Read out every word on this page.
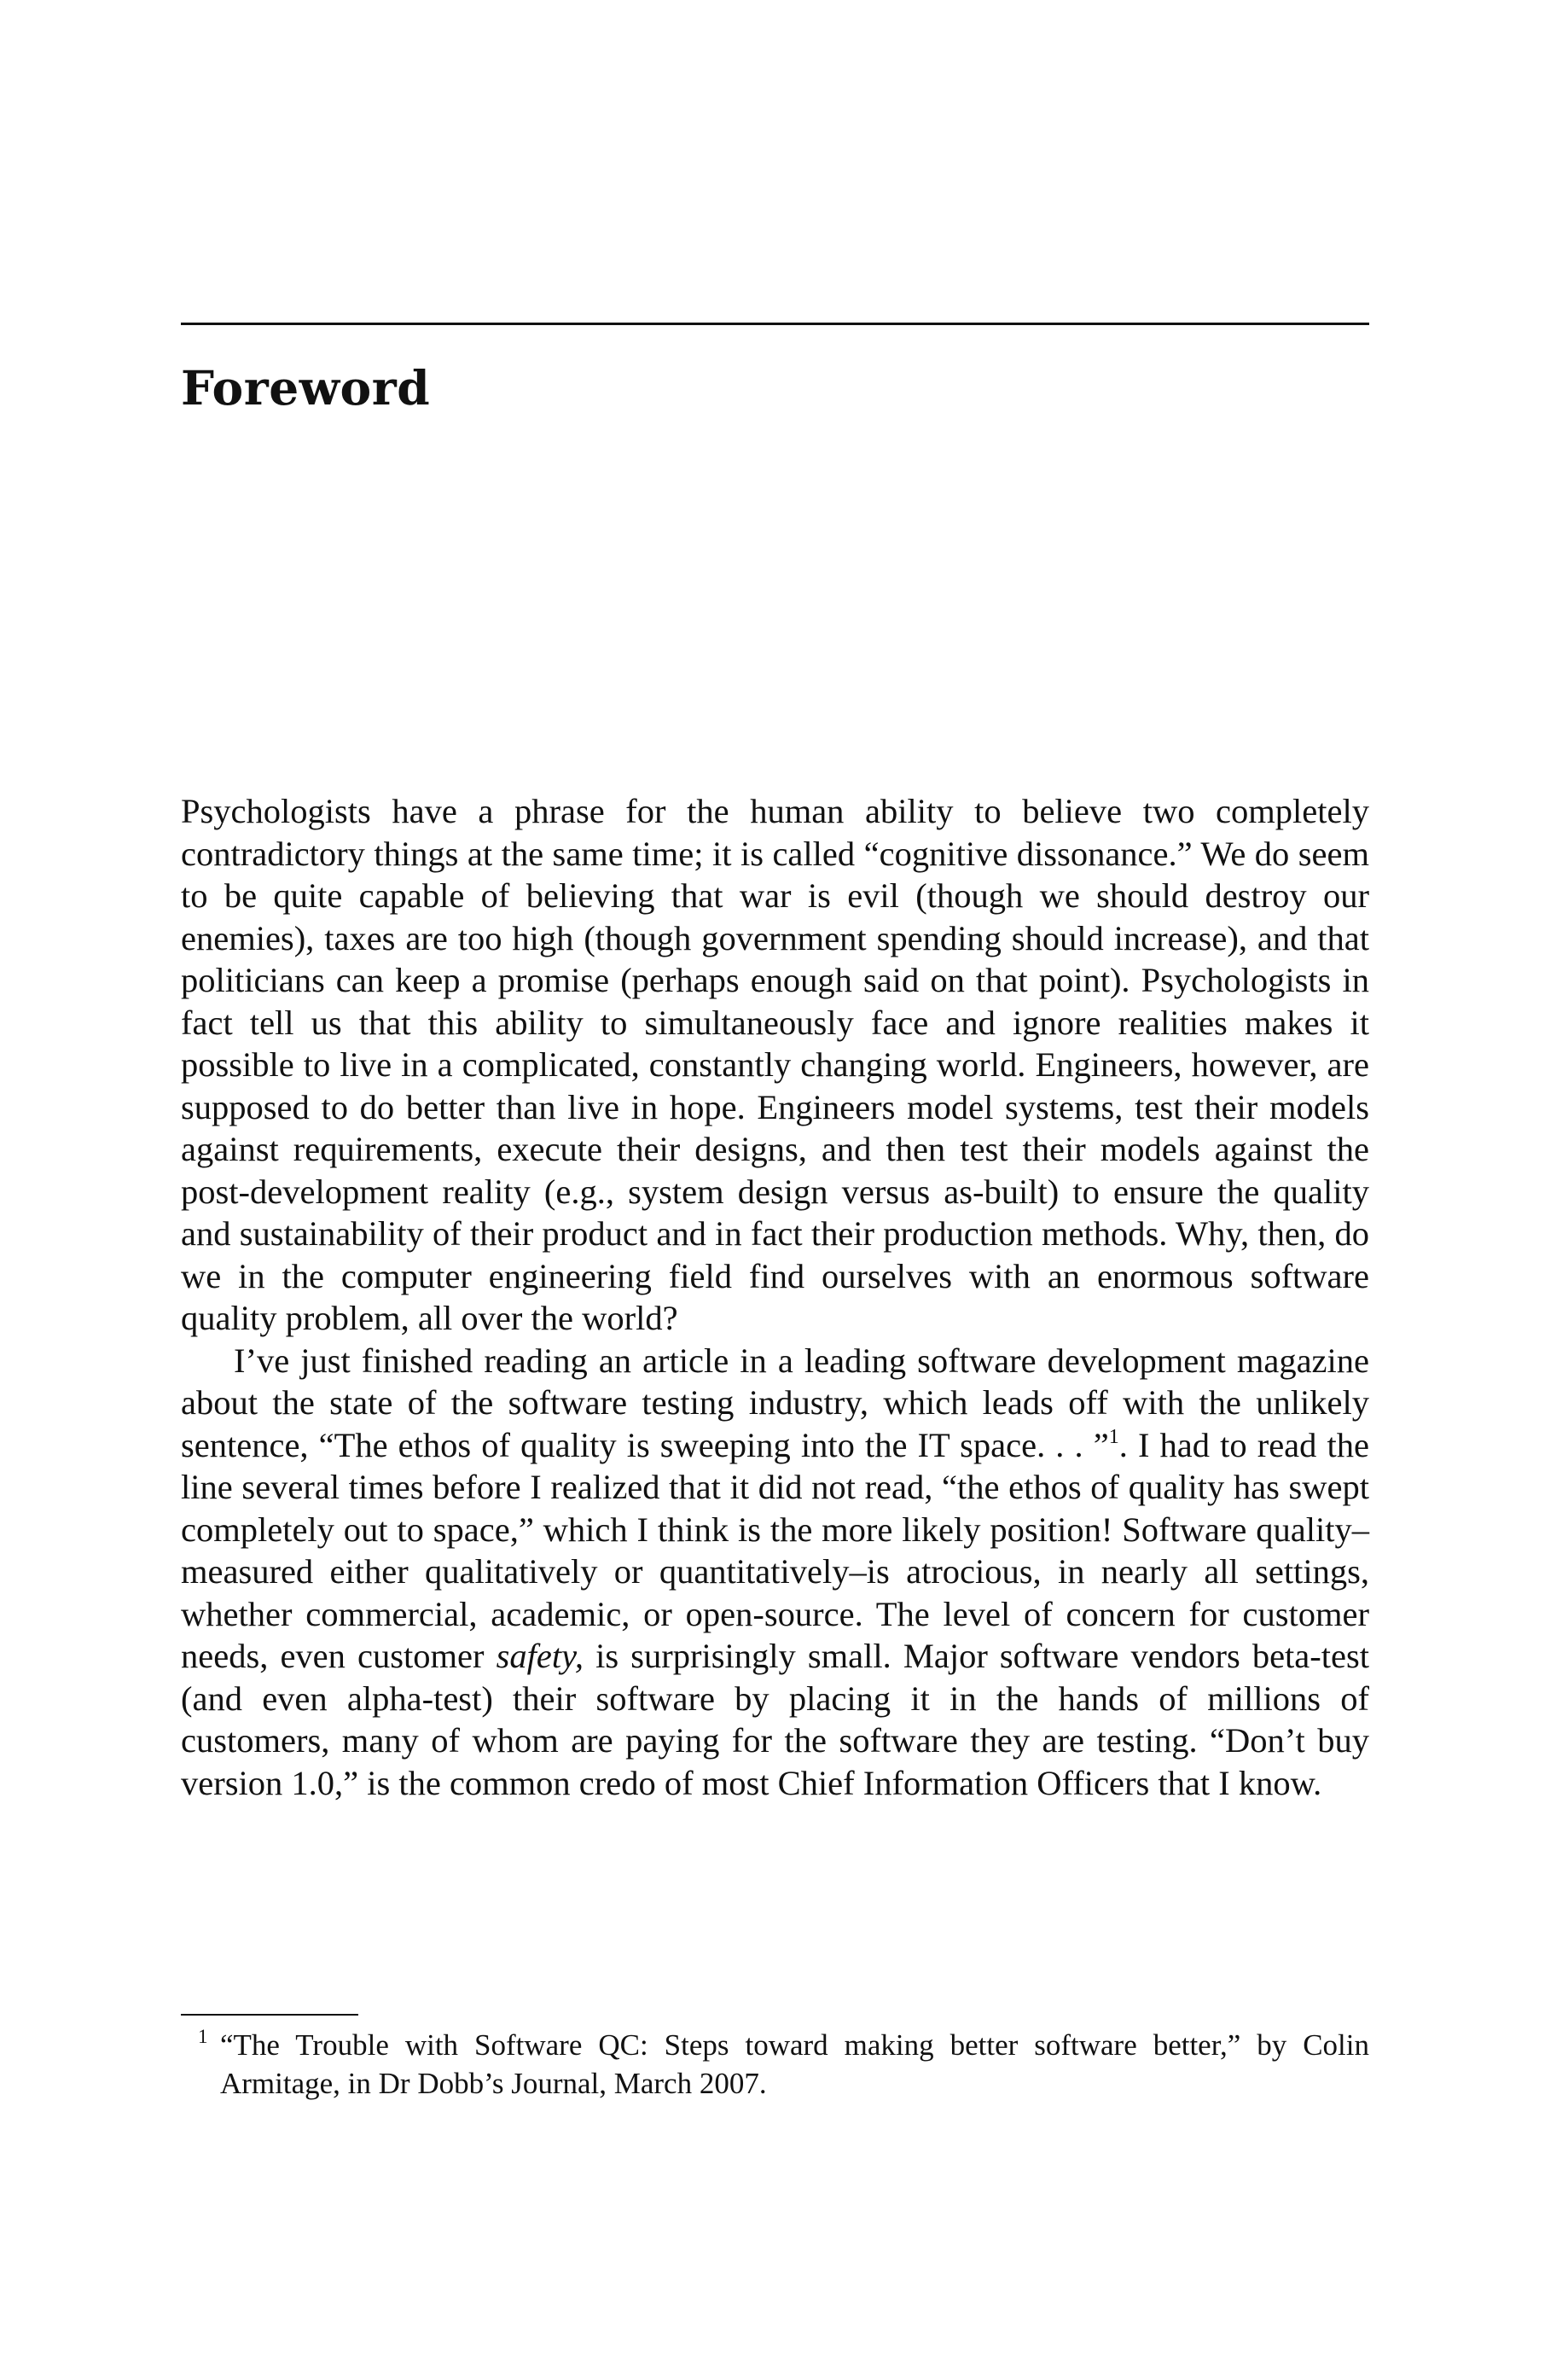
Foreword

Psychologists have a phrase for the human ability to believe two completely contradictory things at the same time; it is called “cognitive dissonance.” We do seem to be quite capable of believing that war is evil (though we should destroy our enemies), taxes are too high (though government spending should increase), and that politicians can keep a promise (perhaps enough said on that point). Psychologists in fact tell us that this ability to simultaneously face and ignore realities makes it possible to live in a complicated, constantly changing world. Engineers, however, are supposed to do better than live in hope. Engineers model systems, test their models against requirements, execute their designs, and then test their models against the post-development reality (e.g., system design versus as-built) to ensure the quality and sustainability of their product and in fact their production methods. Why, then, do we in the computer engineering field find ourselves with an enormous software quality problem, all over the world?

I’ve just finished reading an article in a leading software development magazine about the state of the software testing industry, which leads off with the unlikely sentence, “The ethos of quality is sweeping into the IT space. . . ”$^1$. I had to read the line several times before I realized that it did not read, “the ethos of quality has swept completely out to space,” which I think is the more likely position! Software quality–measured either qualitatively or quantitatively–is atrocious, in nearly all settings, whether commercial, academic, or open-source. The level of concern for customer needs, even customer safety, is surprisingly small. Major software vendors beta-test (and even alpha-test) their software by placing it in the hands of millions of customers, many of whom are paying for the software they are testing. “Don’t buy version 1.0,” is the common credo of most Chief Information Officers that I know.

1 “The Trouble with Software QC: Steps toward making better software better,” by Colin Armitage, in Dr Dobb’s Journal, March 2007.
